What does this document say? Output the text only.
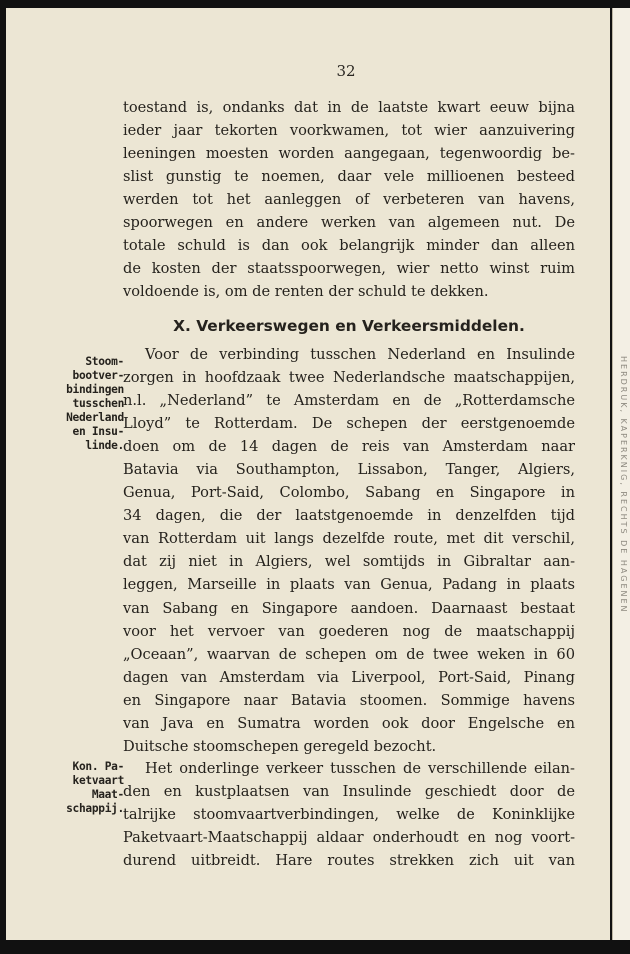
HERDRUK, KAPERKNIG, RECHTS DE HAGENEN
32
toestand is, ondanks dat in de laatste kwart eeuw bijna
ieder jaar tekorten voorkwamen, tot wier aanzuivering
leeningen moesten worden aangegaan, tegenwoordig be-
slist gunstig te noemen, daar vele millioenen besteed
werden tot het aanleggen of verbeteren van havens,
spoorwegen en andere werken van algemeen nut. De
totale schuld is dan ook belangrijk minder dan alleen
de kosten der staatsspoorwegen, wier netto winst ruim
voldoende is, om de renten der schuld te dekken.
X. Verkeerswegen en Verkeersmiddelen.
Stoom-
bootver-
bindingen
tusschen
Nederland
en Insu-
linde.
Voor de verbinding tusschen Nederland en Insulinde
zorgen in hoofdzaak twee Nederlandsche maatschappijen,
n.l. „Nederland” te Amsterdam en de „Rotterdamsche
Lloyd” te Rotterdam. De schepen der eerstgenoemde
doen om de 14 dagen de reis van Amsterdam naar
Batavia via Southampton, Lissabon, Tanger, Algiers,
Genua, Port-Said, Colombo, Sabang en Singapore in
34 dagen, die der laatstgenoemde in denzelfden tijd
van Rotterdam uit langs dezelfde route, met dit verschil,
dat zij niet in Algiers, wel somtijds in Gibraltar aan-
leggen, Marseille in plaats van Genua, Padang in plaats
van Sabang en Singapore aandoen. Daarnaast bestaat
voor het vervoer van goederen nog de maatschappij
„Oceaan”, waarvan de schepen om de twee weken in 60
dagen van Amsterdam via Liverpool, Port-Said, Pinang
en Singapore naar Batavia stoomen. Sommige havens
van Java en Sumatra worden ook door Engelsche en
Duitsche stoomschepen geregeld bezocht.
Kon. Pa-
ketvaart
Maat-
schappij.
Het onderlinge verkeer tusschen de verschillende eilan-
den en kustplaatsen van Insulinde geschiedt door de
talrijke stoomvaartverbindingen, welke de Koninklijke
Paketvaart-Maatschappij aldaar onderhoudt en nog voort-
durend uitbreidt. Hare routes strekken zich uit van
